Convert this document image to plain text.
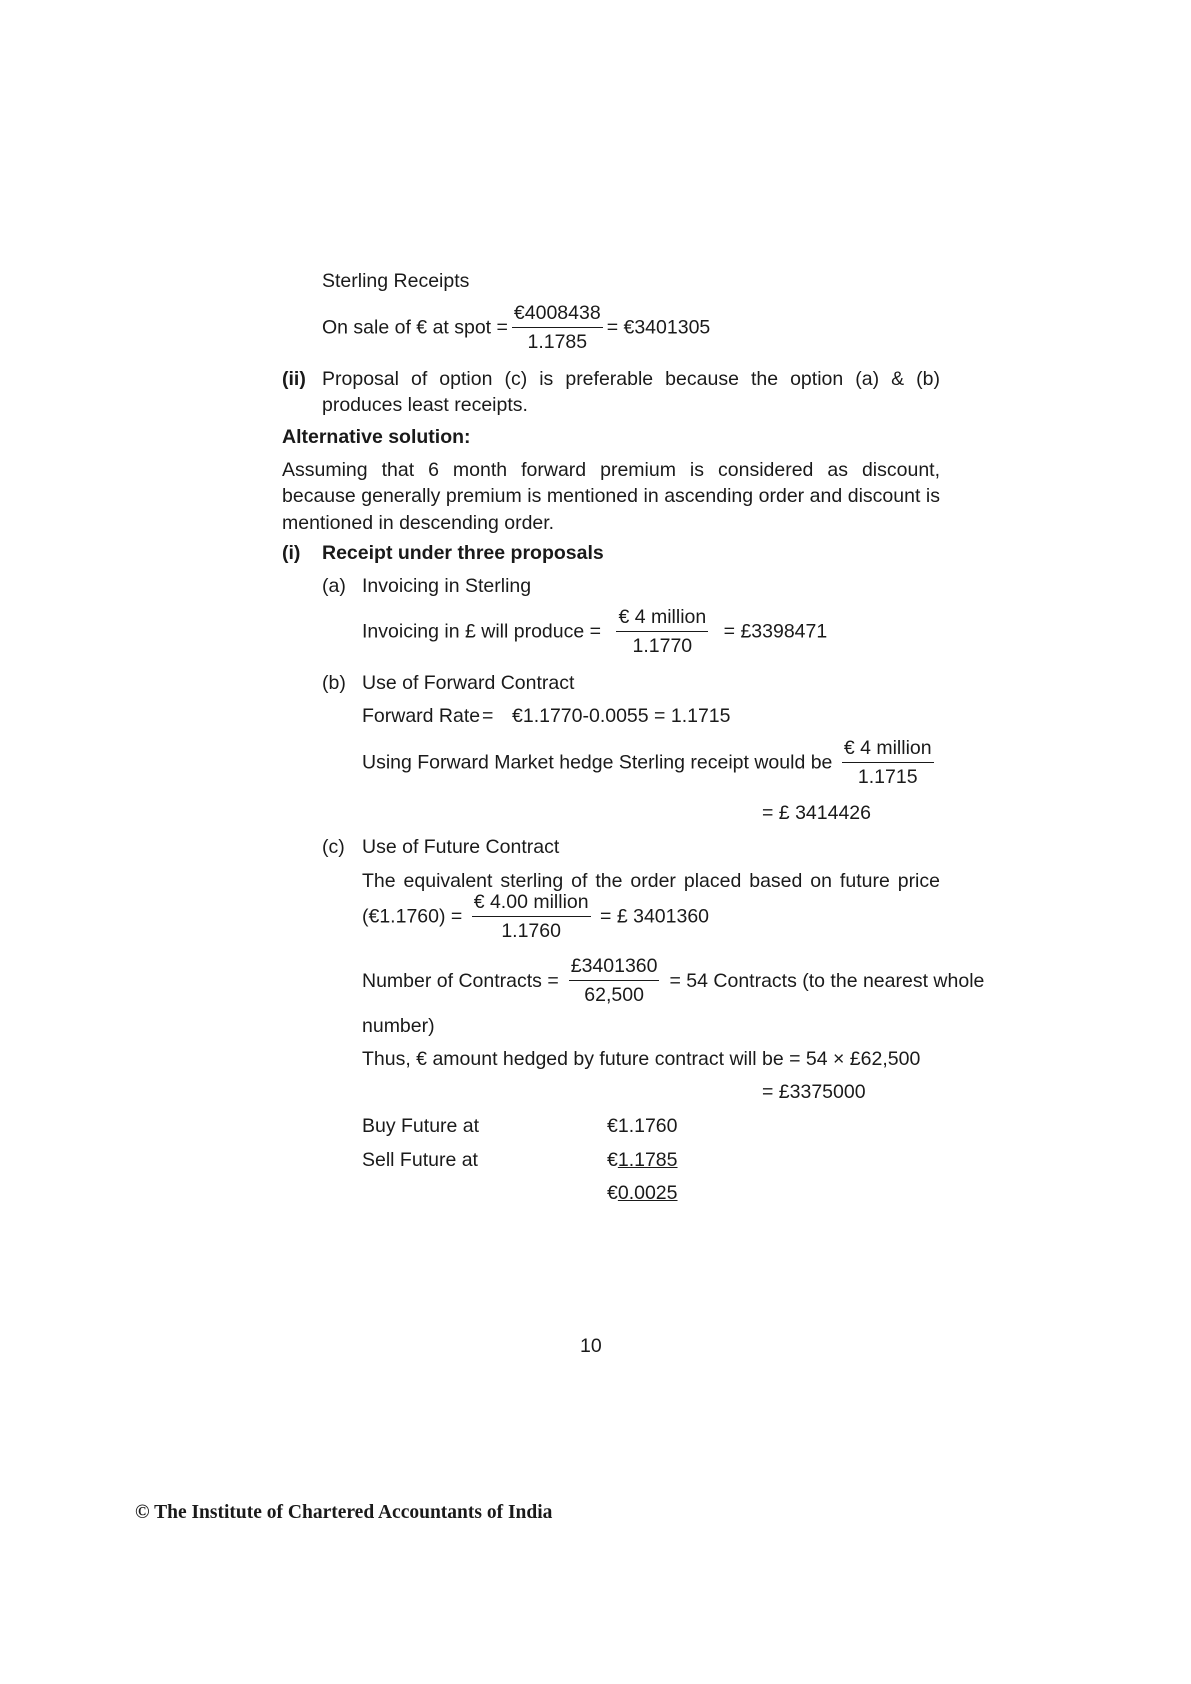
Sterling Receipts
On sale of € at spot = $\frac{€4008438}{1.1785}$ = €3401305
(ii) Proposal of option (c) is preferable because the option (a) & (b) produces least receipts.
Alternative solution:
Assuming that 6 month forward premium is considered as discount, because generally premium is mentioned in ascending order and discount is mentioned in descending order.
(i) Receipt under three proposals
(a) Invoicing in Sterling
Invoicing in £ will produce = $\frac{\text{€ 4 million}}{1.1770}$ = £3398471
(b) Use of Forward Contract
Forward Rate = €1.1770-0.0055 = 1.1715
Using Forward Market hedge Sterling receipt would be $\frac{\text{€ 4 million}}{1.1715}$
= £ 3414426
(c) Use of Future Contract
The equivalent sterling of the order placed based on future price
(€1.1760) = $\frac{\text{€ 4.00 million}}{1.1760}$ = £ 3401360
Number of Contracts = $\frac{£3401360}{62,500} = 54$ Contracts (to the nearest whole
number)
Thus, € amount hedged by future contract will be = 54 × £62,500
= £3375000
Buy Future at	€1.1760
Sell Future at	€1.1785
€0.0025
10
© The Institute of Chartered Accountants of India
